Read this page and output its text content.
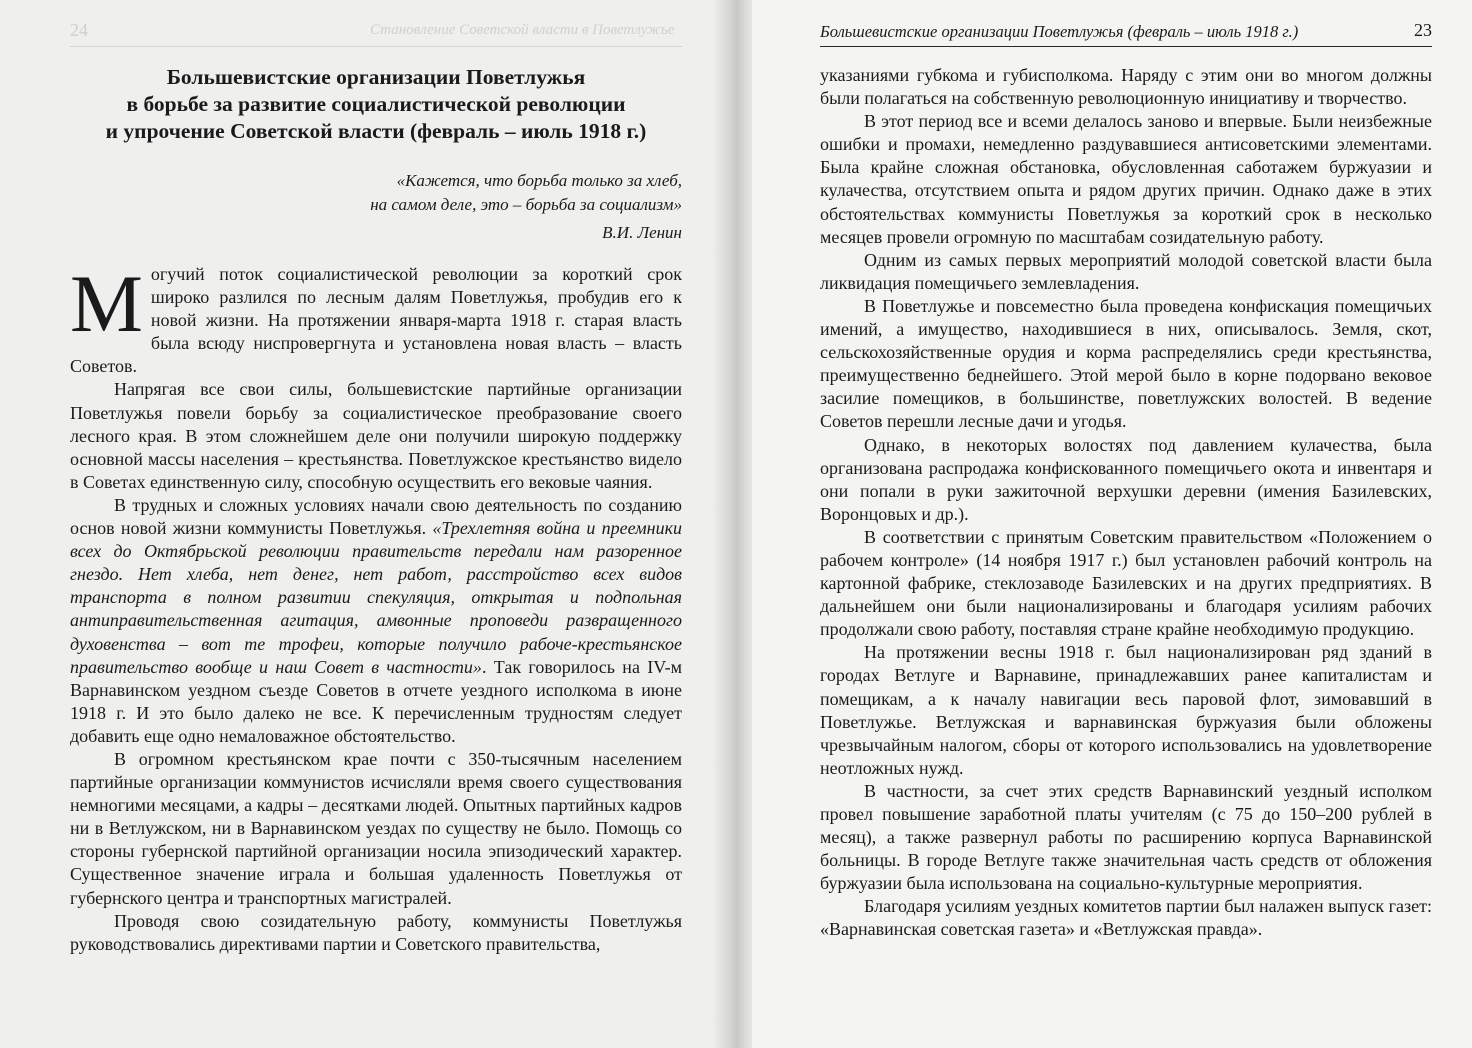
24	Становление Советской власти в Поветлужье
Большевистские организации Поветлужья
в борьбе за развитие социалистической революции
и упрочение Советской власти (февраль – июль 1918 г.)
«Кажется, что борьба только за хлеб,
на самом деле, это – борьба за социализм»
В.И. Ленин

Могучий поток социалистической революции за короткий срок широко разлился по лесным далям Поветлужья, пробудив его к новой жизни. На протяжении января-марта 1918 г. старая власть была всюду ниспровергнута и установлена новая власть – власть Советов.

Напрягая все свои силы, большевистские партийные организации Поветлужья повели борьбу за социалистическое преобразование своего лесного края. В этом сложнейшем деле они получили широкую поддержку основной массы населения – крестьянства. Поветлужское крестьянство видело в Советах единственную силу, способную осуществить его вековые чаяния.

В трудных и сложных условиях начали свою деятельность по созданию основ новой жизни коммунисты Поветлужья. «Трехлетняя война и преемники всех до Октябрьской революции правительств передали нам разоренное гнездо. Нет хлеба, нет денег, нет работ, расстройство всех видов транспорта в полном развитии спекуляция, открытая и подпольная антиправительственная агитация, амвонные проповеди развращенного духовенства – вот те трофеи, которые получило рабоче-крестьянское правительство вообще и наш Совет в частности». Так говорилось на IV-м Варнавинском уездном съезде Советов в отчете уездного исполкома в июне 1918 г. И это было далеко не все. К перечисленным трудностям следует добавить еще одно немаловажное обстоятельство.

В огромном крестьянском крае почти с 350-тысячным населением партийные организации коммунистов исчисляли время своего существования немногими месяцами, а кадры – десятками людей. Опытных партийных кадров ни в Ветлужском, ни в Варнавинском уездах по существу не было. Помощь со стороны губернской партийной организации носила эпизодический характер. Существенное значение играла и большая удаленность Поветлужья от губернского центра и транспортных магистралей.

Проводя свою созидательную работу, коммунисты Поветлужья руководствовались директивами партии и Советского правительства,

Большевистские организации Поветлужья (февраль – июль 1918 г.)	23

указаниями губкома и губисполкома. Наряду с этим они во многом должны были полагаться на собственную революционную инициативу и творчество.

В этот период все и всеми делалось заново и впервые. Были неизбежные ошибки и промахи, немедленно раздувавшиеся антисоветскими элементами. Была крайне сложная обстановка, обусловленная саботажем буржуазии и кулачества, отсутствием опыта и рядом других причин. Однако даже в этих обстоятельствах коммунисты Поветлужья за короткий срок в несколько месяцев провели огромную по масштабам созидательную работу.

Одним из самых первых мероприятий молодой советской власти была ликвидация помещичьего землевладения.

В Поветлужье и повсеместно была проведена конфискация помещичьих имений, а имущество, находившиеся в них, описывалось. Земля, скот, сельскохозяйственные орудия и корма распределялись среди крестьянства, преимущественно беднейшего. Этой мерой было в корне подорвано вековое засилие помещиков, в большинстве, поветлужских волостей. В ведение Советов перешли лесные дачи и угодья.

Однако, в некоторых волостях под давлением кулачества, была организована распродажа конфискованного помещичьего окота и инвентаря и они попали в руки зажиточной верхушки деревни (имения Базилевских, Воронцовых и др.).

В соответствии с принятым Советским правительством «Положением о рабочем контроле» (14 ноября 1917 г.) был установлен рабочий контроль на картонной фабрике, стеклозаводе Базилевских и на других предприятиях. В дальнейшем они были национализированы и благодаря усилиям рабочих продолжали свою работу, поставляя стране крайне необходимую продукцию.

На протяжении весны 1918 г. был национализирован ряд зданий в городах Ветлуге и Варнавине, принадлежавших ранее капиталистам и помещикам, а к началу навигации весь паровой флот, зимовавший в Поветлужье. Ветлужская и варнавинская буржуазия были обложены чрезвычайным налогом, сборы от которого использовались на удовлетворение неотложных нужд.

В частности, за счет этих средств Варнавинский уездный исполком провел повышение заработной платы учителям (с 75 до 150–200 рублей в месяц), а также развернул работы по расширению корпуса Варнавинской больницы. В городе Ветлуге также значительная часть средств от обложения буржуазии была использована на социально-культурные мероприятия.

Благодаря усилиям уездных комитетов партии был налажен выпуск газет: «Варнавинская советская газета» и «Ветлужская правда».
